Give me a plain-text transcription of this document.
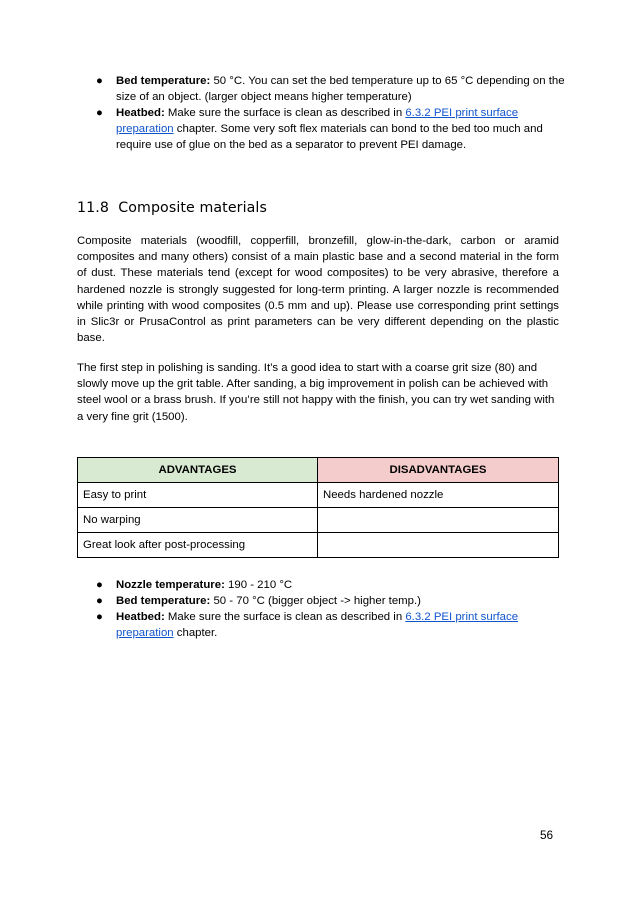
● Bed temperature: 50 °C. You can set the bed temperature up to 65 °C depending on the size of an object. (larger object means higher temperature)
● Heatbed: Make sure the surface is clean as described in 6.3.2 PEI print surface preparation chapter. Some very soft flex materials can bond to the bed too much and require use of glue on the bed as a separator to prevent PEI damage.
11.8 Composite materials

Composite materials (woodfill, copperfill, bronzefill, glow-in-the-dark, carbon or aramid composites and many others) consist of a main plastic base and a second material in the form of dust. These materials tend (except for wood composites) to be very abrasive, therefore a hardened nozzle is strongly suggested for long-term printing. A larger nozzle is recommended while printing with wood composites (0.5 mm and up). Please use corresponding print settings in Slic3r or PrusaControl as print parameters can be very different depending on the plastic base.

The first step in polishing is sanding. It’s a good idea to start with a coarse grit size (80) and slowly move up the grit table. After sanding, a big improvement in polish can be achieved with steel wool or a brass brush. If you’re still not happy with the finish, you can try wet sanding with a very fine grit (1500).

ADVANTAGES	DISADVANTAGES
Easy to print	Needs hardened nozzle
No warping	
Great look after post-processing	
● Nozzle temperature: 190 - 210 °C
● Bed temperature: 50 - 70 °C (bigger object -> higher temp.)
● Heatbed: Make sure the surface is clean as described in 6.3.2 PEI print surface preparation chapter.
56
